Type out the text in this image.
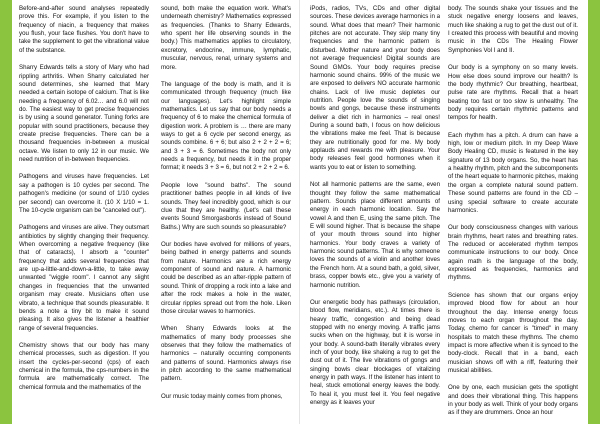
Before-and-after sound analyses repeatedly prove this. For example, if you listen to the frequency of niacin, a frequency that makes you flush, your face flushes. You don't have to take the supplement to get the vibrational value of the substance.

Sharry Edwards tells a story of Mary who had rippling arthritis. When Sharry calculated her sound determines, she learned that Mary needed a certain isotope of calcium. That is like needing a frequency of 6.02… and 6.0 will not do. The easiest way to get precise frequencies is by using a sound generator. Tuning forks are popular with sound practitioners, because they create precise frequencies. There can be a thousand frequencies in-between a musical octave. We listen to only 12 in our music. We need nutrition of in-between frequencies.

Pathogens and viruses have frequencies. Let say a pathogen is 10 cycles per second. The pathogen's medicine (or sound of 1/10 cycles per second) can overcome it. (10 X 1/10 = 1. The 10-cycle organism can be "canceled out").

Pathogens and viruses are alive. They outsmart antibiotics by slightly changing their frequency. When overcoming a negative frequency (like that of cataracts), I absorb a "counter" frequency that adds several frequencies that are up-a-little-and-down-a-little, to take away unwanted "wiggle room". I cannot any slight changes in frequencies that the unwanted organism may create. Musicians often use vibrato, a technique that sounds pleasurable. It bends a note a tiny bit to make it sound pleasing. It also gives the listener a healthier range of several frequencies.

Chemistry shows that our body has many chemical processes, such as digestion. If you insert the cycles-per-second (cps) of each chemical in the formula, the cps-numbers in the formula are mathematically correct. The chemical formula and the mathematics of the

sound, both make the equation work. What's underneath chemistry? Mathematics expressed as frequencies. (Thanks to Sharry Edwards, who spent her life observing sounds in the body.) This mathematics applies to circulatory, excretory, endocrine, immune, lymphatic, muscular, nervous, renal, urinary systems and more.

The language of the body is math, and it is communicated through frequency (much like our languages). Let's highlight simple mathematics. Let us say that our body needs a frequency of 6 to make the chemical formula of digestion work. A problem is … there are many ways to get a 6 cycle per second energy, as sounds combine. 6 + 6; but also 2 + 2 + 2 = 6; and 3 + 3 = 6. Sometimes the body not only needs a frequency, but needs it in the proper format; it needs 3 + 3 = 6, but not 2 + 2 + 2 = 6.

People love "sound baths". The sound practitioner bathes people in all kinds of live sounds. They feel incredibly good, which is our clue that they are healthy. (Let's call these events Sound Smorgasbords instead of Sound Baths.) Why are such sounds so pleasurable?

Our bodies have evolved for millions of years, being bathed in energy patterns and sounds from nature. Harmonics are a rich energy component of sound and nature. A harmonic could be described as an after-ripple pattern of sound. Think of dropping a rock into a lake and after the rock makes a hole in the water, circular ripples spread out from the hole. Liken those circular waves to harmonics.

When Sharry Edwards looks at the mathematics of many body processes she observes that they follow the mathematics of harmonics – naturally occurring components and patterns of sound. Harmonics always rise in pitch according to the same mathematical pattern.

Our music today mainly comes from phones,

iPods, radios, TVs, CDs and other digital sources. These devices average harmonics in a sound. What does that mean? Their harmonic pitches are not accurate. They skip many tiny frequencies and the harmonic pattern is disturbed. Mother nature and your body does not average frequencies! Digital sounds are Sound GMOs. Your body requires precise harmonic sound chains. 99% of the music we are exposed to delivers NO accurate harmonic chains. Lack of live music depletes our nutrition. People love the sounds of singing bowls and gongs, because these instruments deliver a diet rich in harmonics – real ones! During a sound bath, I focus on how delicious the vibrations make me feel. That is because they are nutritionally good for me. My body applauds and rewards me with pleasure. Your body releases feel good hormones when it wants you to eat or listen to something.

Not all harmonic patterns are the same, even thought they follow the same mathematical pattern. Sounds place different amounts of energy in each harmonic location. Say the vowel A and then E, using the same pitch. The E will sound higher. That is because the shape of your mouth throws sound into higher harmonics. Your body craves a variety of harmonic sound patterns. That is why someone loves the sounds of a violin and another loves the French horn. At a sound bath, a gold, silver, brass, copper bowls etc., give you a variety of harmonic nutrition.

Our energetic body has pathways (circulation, blood flow, meridians, etc.). At times there is heavy traffic, congestion and being dead stopped with no energy moving. A traffic jams sucks when on the highway, but it is worse in your body. A sound-bath literally vibrates every inch of your body, like shaking a rug to get the dust out of it. The live vibrations of gongs and singing bowls clear blockages of vitalizing energy in path ways. If the listener has intent to heal, stuck emotional energy leaves the body. To heal it, you must feel it. You feel negative energy as it leaves your

body. The sounds shake your tissues and the stuck negative energy loosens and leaves, much like shaking a rug to get the dust out of it. I created this process with beautiful and moving music in the CDs The Healing Flower Symphonies Vol I and II.

Our body is a symphony on so many levels. How else does sound improve our health? Is the body rhythmic? Our breathing, heartbeat, pulse rate are rhythms. Recall that a heart beating too fast or too slow is unhealthy. The body requires certain rhythmic patterns and tempos for health.

Each rhythm has a pitch. A drum can have a high, low or medium pitch. In my Deep Wave Body Healing CD, music is featured in the key signature of 13 body organs. So, the heart has a healthy rhythm, pitch and the subcomponents of the heart equate to harmonic pitches, making the organ a complete natural sound pattern. These sound patterns are found in the CD – using special software to create accurate harmonics.

Our body consciousness changes with various brain rhythms, heart rates and breathing rates. The reduced or accelerated rhythm tempos communicate instructions to our body. Once again math is the language of the body, expressed as frequencies, harmonics and rhythms.

Science has shown that our organs enjoy improved blood flow for about an hour throughout the day. Intense energy focus moves to each organ throughout the day. Today, chemo for cancer is "timed" in many hospitals to match these rhythms. The chemo impact is more affective when it is synced to the body-clock. Recall that in a band, each musician shows off with a riff, featuring their musical abilities.

One by one, each musician gets the spotlight and does their vibrational thing. This happens in your body as well. Think of your body organs as if they are drummers. Once an hour
